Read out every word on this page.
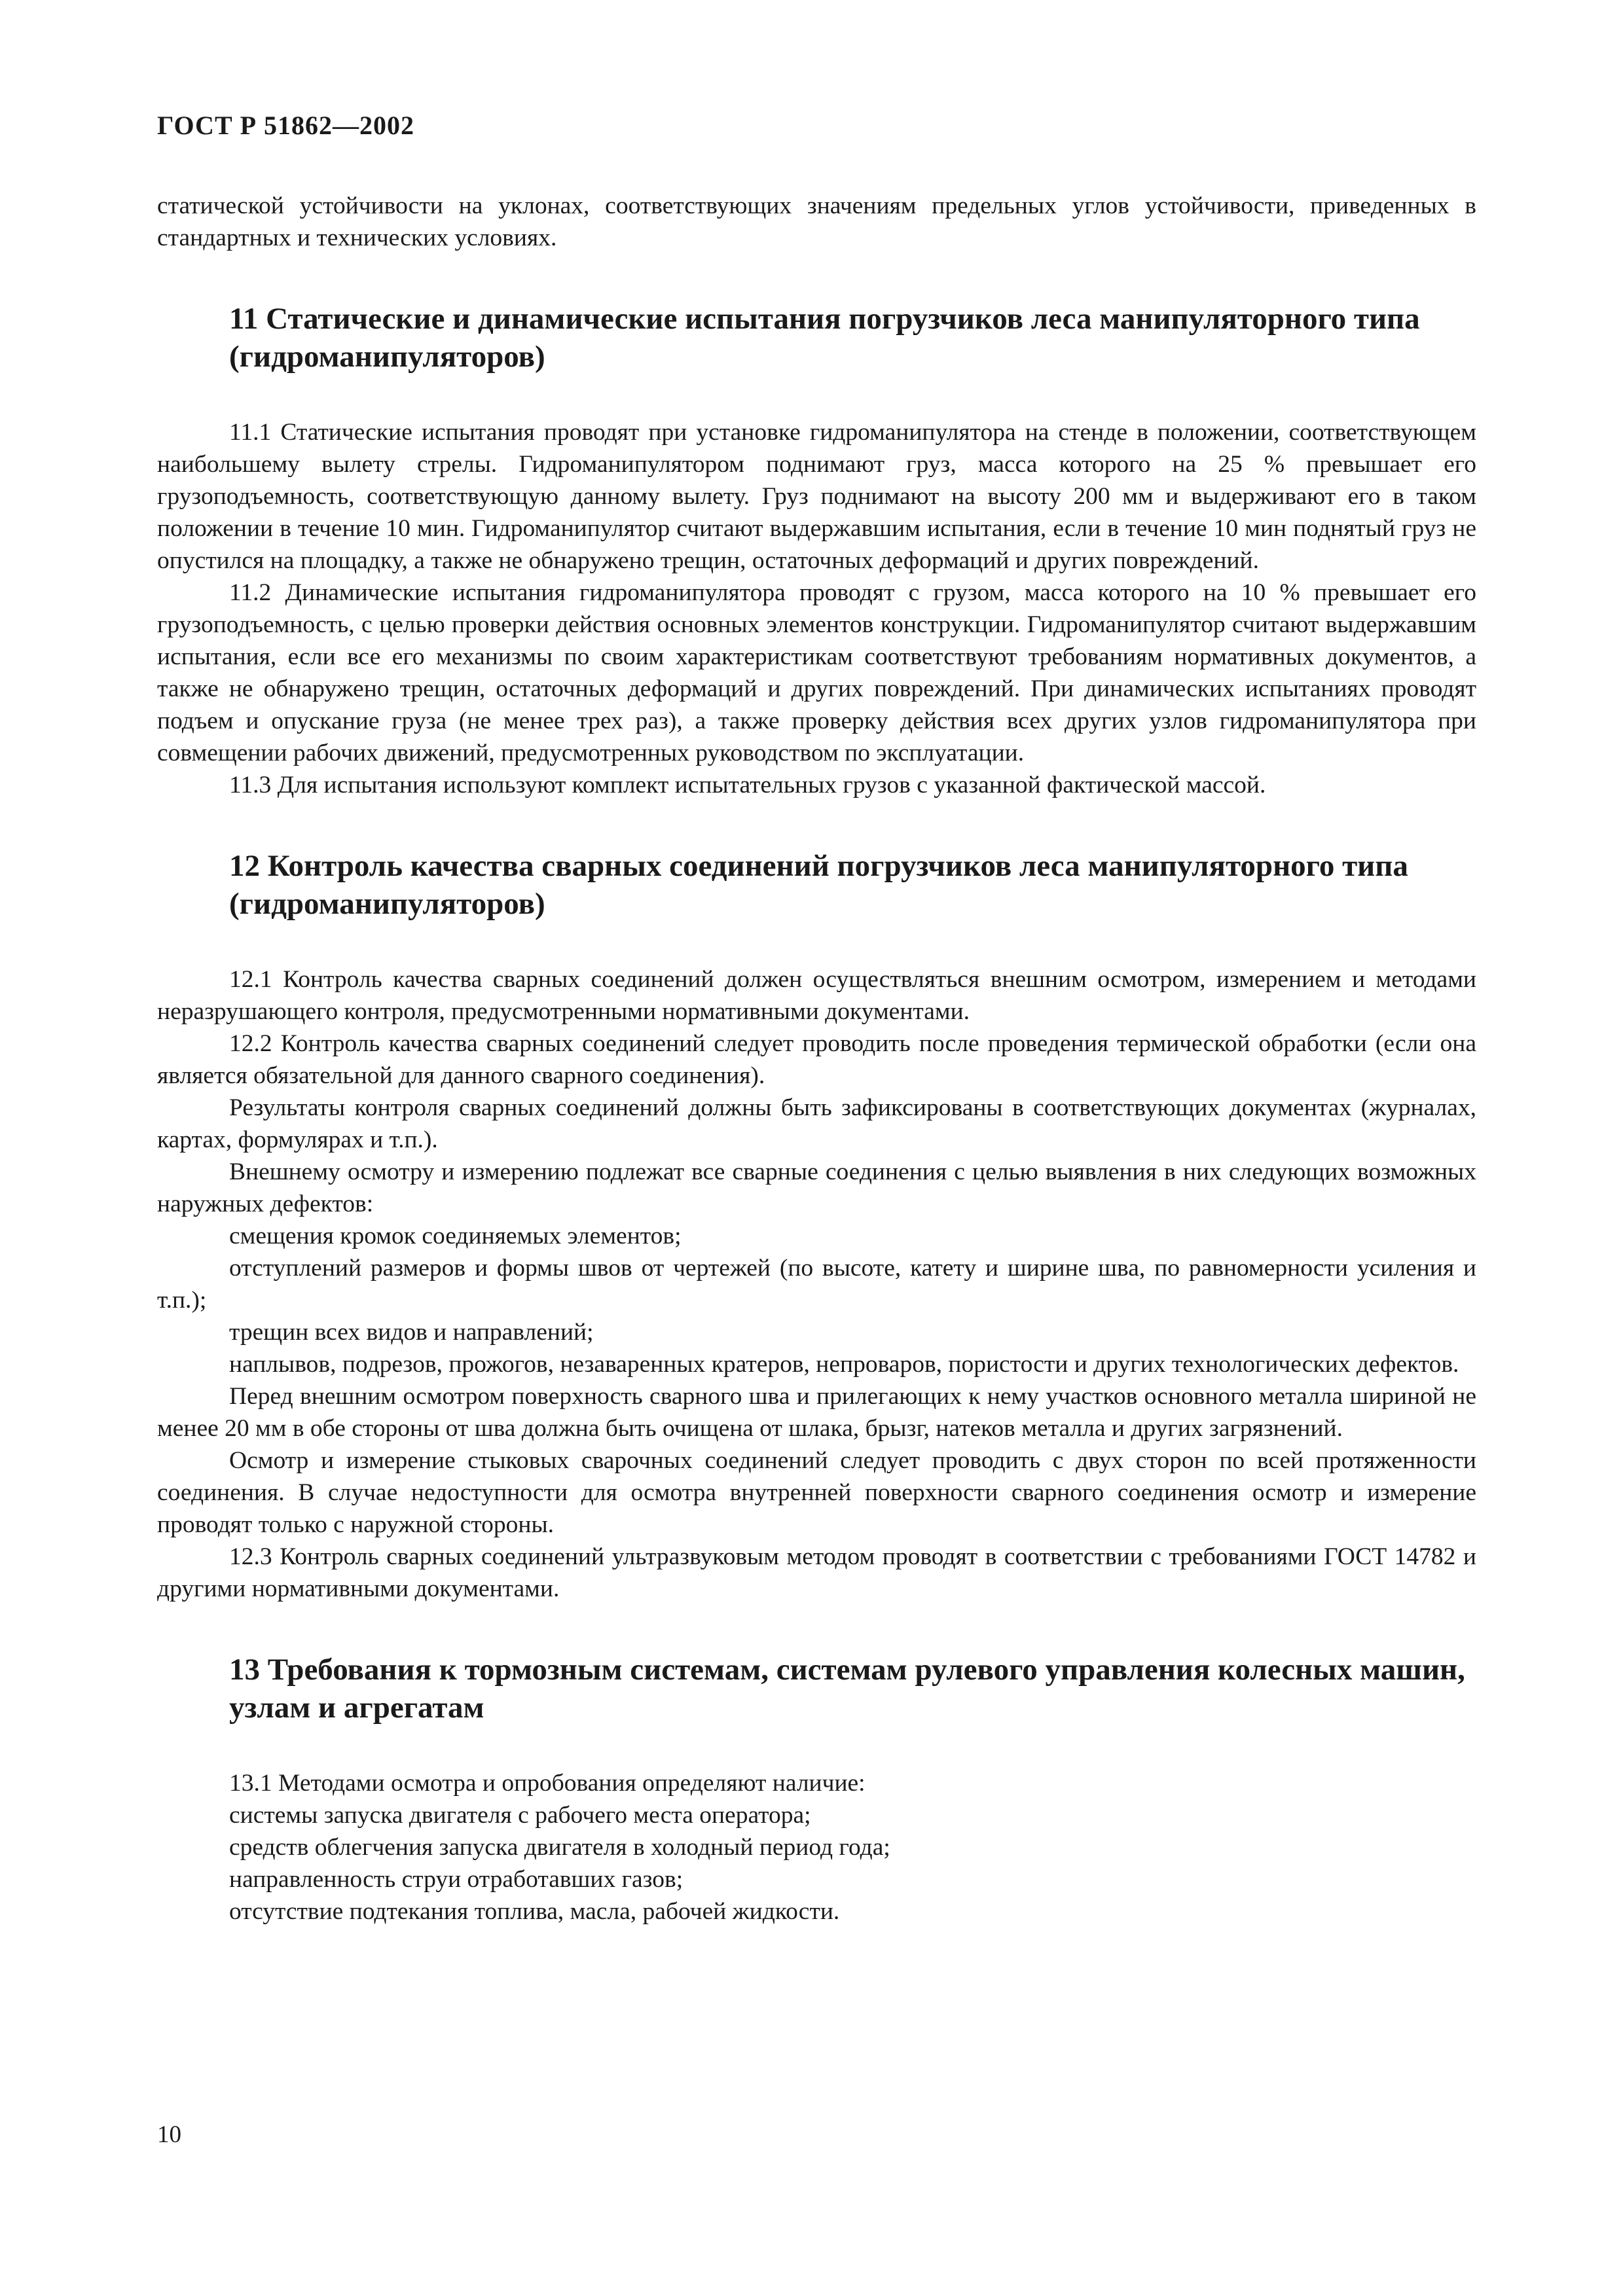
ГОСТ Р 51862—2002

статической устойчивости на уклонах, соответствующих значениям предельных углов устойчивости, приведенных в стандартных и технических условиях.

11 Статические и динамические испытания погрузчиков леса манипуляторного типа (гидроманипуляторов)

11.1 Статические испытания проводят при установке гидроманипулятора на стенде в положении, соответствующем наибольшему вылету стрелы. Гидроманипулятором поднимают груз, масса которого на 25 % превышает его грузоподъемность, соответствующую данному вылету. Груз поднимают на высоту 200 мм и выдерживают его в таком положении в течение 10 мин. Гидроманипулятор считают выдержавшим испытания, если в течение 10 мин поднятый груз не опустился на площадку, а также не обнаружено трещин, остаточных деформаций и других повреждений.

11.2 Динамические испытания гидроманипулятора проводят с грузом, масса которого на 10 % превышает его грузоподъемность, с целью проверки действия основных элементов конструкции. Гидроманипулятор считают выдержавшим испытания, если все его механизмы по своим характеристикам соответствуют требованиям нормативных документов, а также не обнаружено трещин, остаточных деформаций и других повреждений. При динамических испытаниях проводят подъем и опускание груза (не менее трех раз), а также проверку действия всех других узлов гидроманипулятора при совмещении рабочих движений, предусмотренных руководством по эксплуатации.

11.3 Для испытания используют комплект испытательных грузов с указанной фактической массой.

12 Контроль качества сварных соединений погрузчиков леса манипуляторного типа (гидроманипуляторов)

12.1 Контроль качества сварных соединений должен осуществляться внешним осмотром, измерением и методами неразрушающего контроля, предусмотренными нормативными документами.

12.2 Контроль качества сварных соединений следует проводить после проведения термической обработки (если она является обязательной для данного сварного соединения).

Результаты контроля сварных соединений должны быть зафиксированы в соответствующих документах (журналах, картах, формулярах и т.п.).

Внешнему осмотру и измерению подлежат все сварные соединения с целью выявления в них следующих возможных наружных дефектов:

смещения кромок соединяемых элементов;

отступлений размеров и формы швов от чертежей (по высоте, катету и ширине шва, по равномерности усиления и т.п.);

трещин всех видов и направлений;

наплывов, подрезов, прожогов, незаваренных кратеров, непроваров, пористости и других технологических дефектов.

Перед внешним осмотром поверхность сварного шва и прилегающих к нему участков основного металла шириной не менее 20 мм в обе стороны от шва должна быть очищена от шлака, брызг, натеков металла и других загрязнений.

Осмотр и измерение стыковых сварочных соединений следует проводить с двух сторон по всей протяженности соединения. В случае недоступности для осмотра внутренней поверхности сварного соединения осмотр и измерение проводят только с наружной стороны.

12.3 Контроль сварных соединений ультразвуковым методом проводят в соответствии с требованиями ГОСТ 14782 и другими нормативными документами.

13 Требования к тормозным системам, системам рулевого управления колесных машин, узлам и агрегатам

13.1 Методами осмотра и опробования определяют наличие:

системы запуска двигателя с рабочего места оператора;

средств облегчения запуска двигателя в холодный период года;

направленность струи отработавших газов;

отсутствие подтекания топлива, масла, рабочей жидкости.

10
